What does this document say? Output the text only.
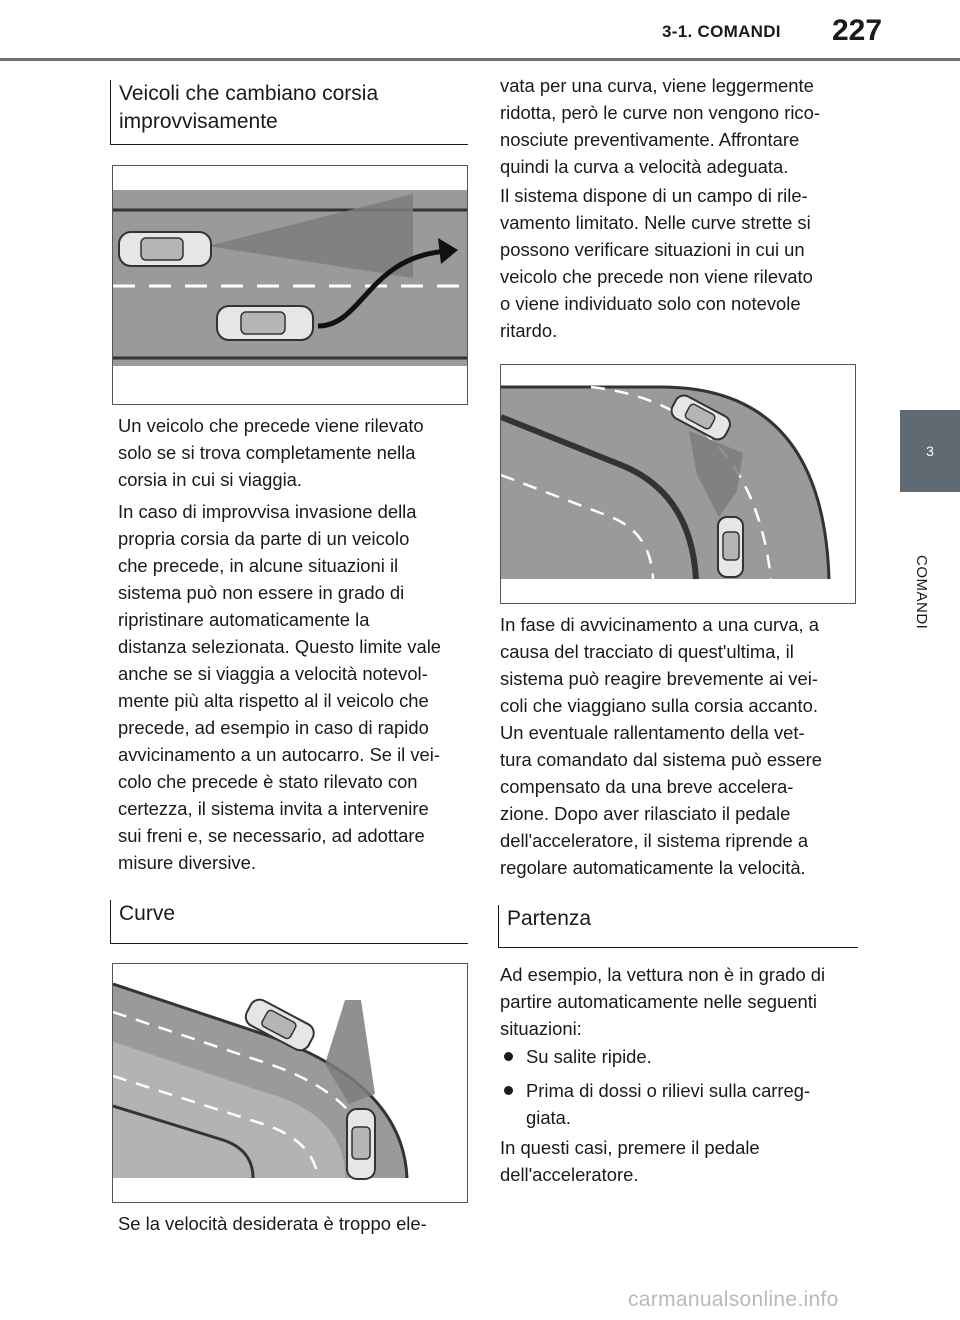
3-1. COMANDI 227
3
COMANDI
Veicoli che cambiano corsia
improvvisamente
Un veicolo che precede viene rilevato
solo se si trova completamente nella
corsia in cui si viaggia.
In caso di improvvisa invasione della
propria corsia da parte di un veicolo
che precede, in alcune situazioni il
sistema può non essere in grado di
ripristinare automaticamente la
distanza selezionata. Questo limite vale
anche se si viaggia a velocità notevol-
mente più alta rispetto al il veicolo che
precede, ad esempio in caso di rapido
avvicinamento a un autocarro. Se il vei-
colo che precede è stato rilevato con
certezza, il sistema invita a intervenire
sui freni e, se necessario, ad adottare
misure diversive.
Curve
Se la velocità desiderata è troppo ele-
vata per una curva, viene leggermente
ridotta, però le curve non vengono rico-
nosciute preventivamente. Affrontare
quindi la curva a velocità adeguata.
Il sistema dispone di un campo di rile-
vamento limitato. Nelle curve strette si
possono verificare situazioni in cui un
veicolo che precede non viene rilevato
o viene individuato solo con notevole
ritardo.
In fase di avvicinamento a una curva, a
causa del tracciato di quest'ultima, il
sistema può reagire brevemente ai vei-
coli che viaggiano sulla corsia accanto.
Un eventuale rallentamento della vet-
tura comandato dal sistema può essere
compensato da una breve accelera-
zione. Dopo aver rilasciato il pedale
dell'acceleratore, il sistema riprende a
regolare automaticamente la velocità.
Partenza
Ad esempio, la vettura non è in grado di
partire automaticamente nelle seguenti
situazioni:
Su salite ripide.
Prima di dossi o rilievi sulla carreg-
giata.
In questi casi, premere il pedale
dell'acceleratore.
carmanualsonline.info
